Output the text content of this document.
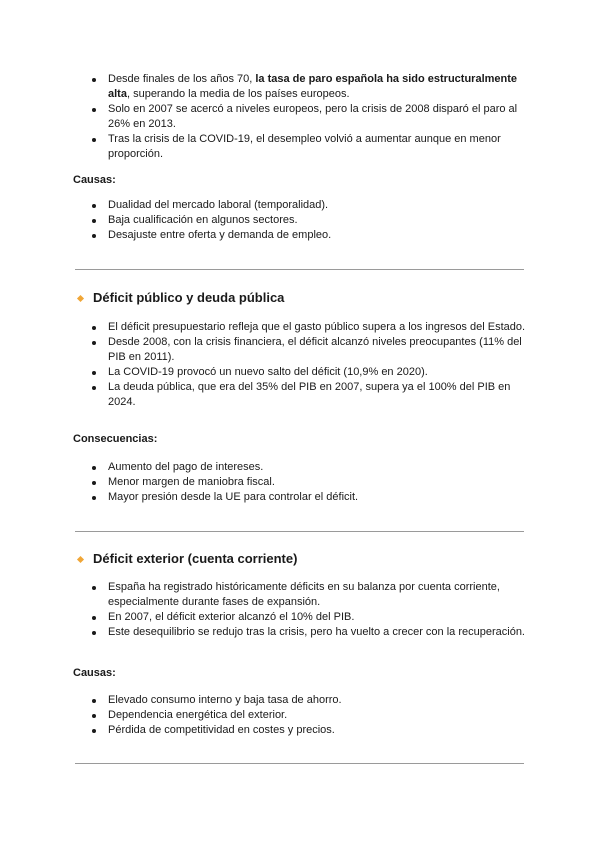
Desde finales de los años 70, la tasa de paro española ha sido estructuralmente alta, superando la media de los países europeos.
Solo en 2007 se acercó a niveles europeos, pero la crisis de 2008 disparó el paro al 26% en 2013.
Tras la crisis de la COVID-19, el desempleo volvió a aumentar aunque en menor proporción.
Causas:
Dualidad del mercado laboral (temporalidad).
Baja cualificación en algunos sectores.
Desajuste entre oferta y demanda de empleo.
Déficit público y deuda pública
El déficit presupuestario refleja que el gasto público supera a los ingresos del Estado.
Desde 2008, con la crisis financiera, el déficit alcanzó niveles preocupantes (11% del PIB en 2011).
La COVID-19 provocó un nuevo salto del déficit (10,9% en 2020).
La deuda pública, que era del 35% del PIB en 2007, supera ya el 100% del PIB en 2024.
Consecuencias:
Aumento del pago de intereses.
Menor margen de maniobra fiscal.
Mayor presión desde la UE para controlar el déficit.
Déficit exterior (cuenta corriente)
España ha registrado históricamente déficits en su balanza por cuenta corriente, especialmente durante fases de expansión.
En 2007, el déficit exterior alcanzó el 10% del PIB.
Este desequilibrio se redujo tras la crisis, pero ha vuelto a crecer con la recuperación.
Causas:
Elevado consumo interno y baja tasa de ahorro.
Dependencia energética del exterior.
Pérdida de competitividad en costes y precios.
